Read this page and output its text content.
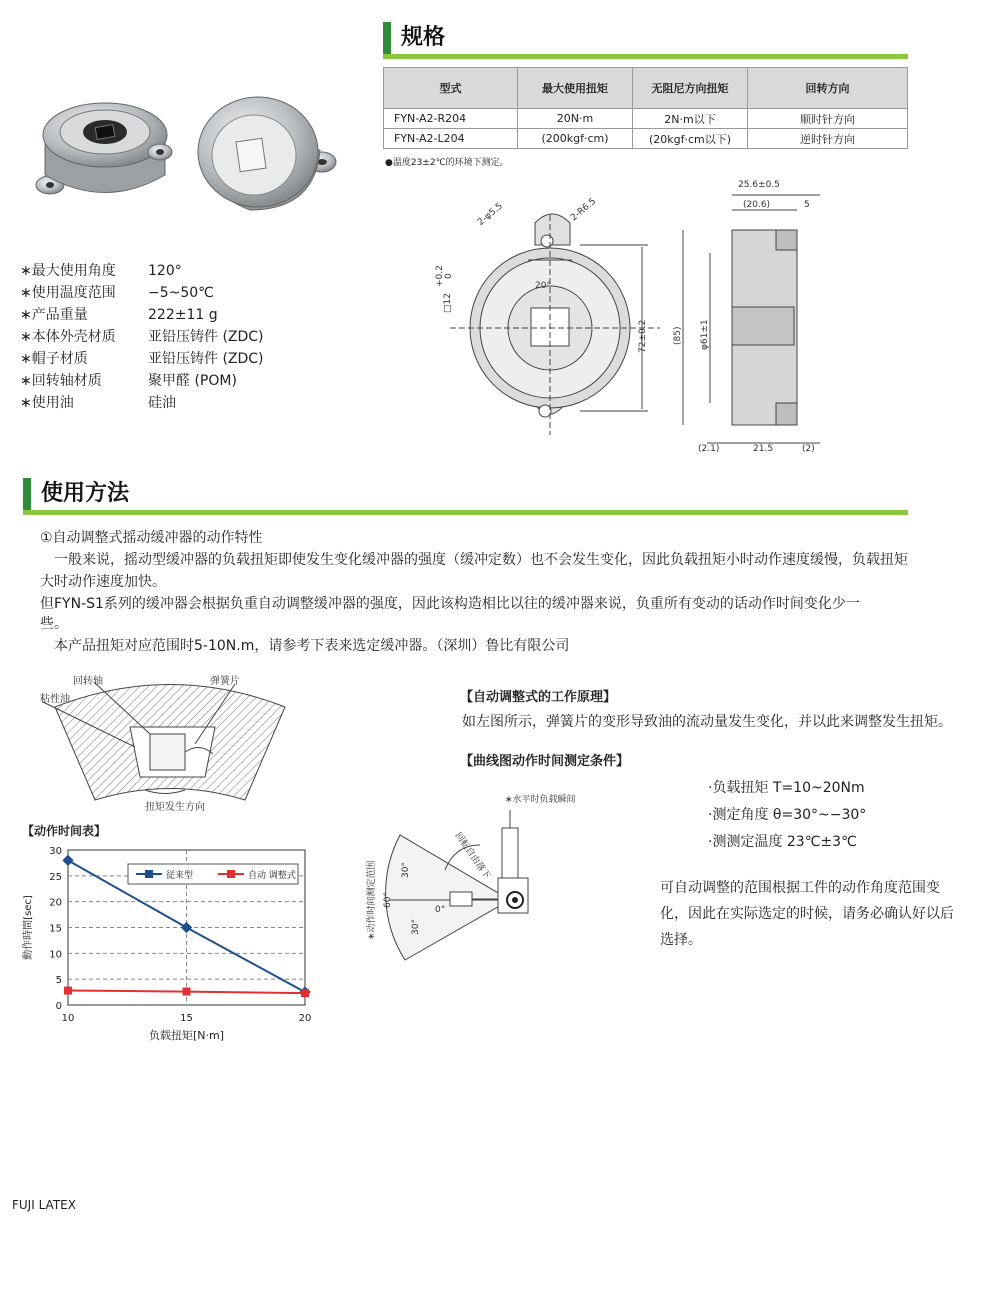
规格
型式	最大使用扭矩	无阻尼方向扭矩	回转方向
FYN-A2-R204	20N·m	2N·m以下	顺时针方向
FYN-A2-L204	(200kgf·cm)	(20kgf·cm以下)	逆时针方向
●温度23±2℃的环境下测定。
∗最大使用角度	120°
∗使用温度范围	−5~50℃
∗产品重量	222±11 g
∗本体外壳材质	亚铅压铸件 (ZDC)
∗帽子材质	亚铅压铸件 (ZDC)
∗回转轴材质	聚甲醛 (POM)
∗使用油	硅油
2-φ5.5	2-R6.5
20°
□12
+0.2 0
72±0.2	(85) φ61±1
25.6±0.5
(20.6)	5
(2.1)	21.5	(2)
使用方法
①自动调整式摇动缓冲器的动作特性
　一般来说，摇动型缓冲器的负载扭矩即使发生变化缓冲器的强度（缓冲定数）也不会发生变化，因此负载扭矩小时动作速度缓慢，负载扭矩
大时动作速度加快。
但FYN-S1系列的缓冲器会根据负重自动调整缓冲器的强度，因此该构造相比以往的缓冲器来说，负重所有变动的话动作时间变化少一
些。
　本产品扭矩对应范围时5-10N.m，请参考下表来选定缓冲器。（深圳）鲁比有限公司
回转轴	弹簧片
粘性油
扭矩发生方向
【自动调整式的工作原理】
如左图所示，弹簧片的变形导致油的流动量发生变化，并以此来调整发生扭矩。
【曲线图动作时间测定条件】
·负载扭矩 T=10~20Nm
·测定角度 θ=30°~−30°
·测测定温度 23℃±3℃
可自动调整的范围根据工件的动作角度范围变
化，因此在实际选定的时候，请务必确认好以后
选择。
∗水平时负载瞬间
回転自由落下
∗动作时间测定范围	30°
60°
30°
0°
【动作时间表】
0
5
10
15
20
25
30
10	15	20
负载扭矩[N·m]
動作時間[sec]
従来型	自动 调整式
FUJI LATEX
